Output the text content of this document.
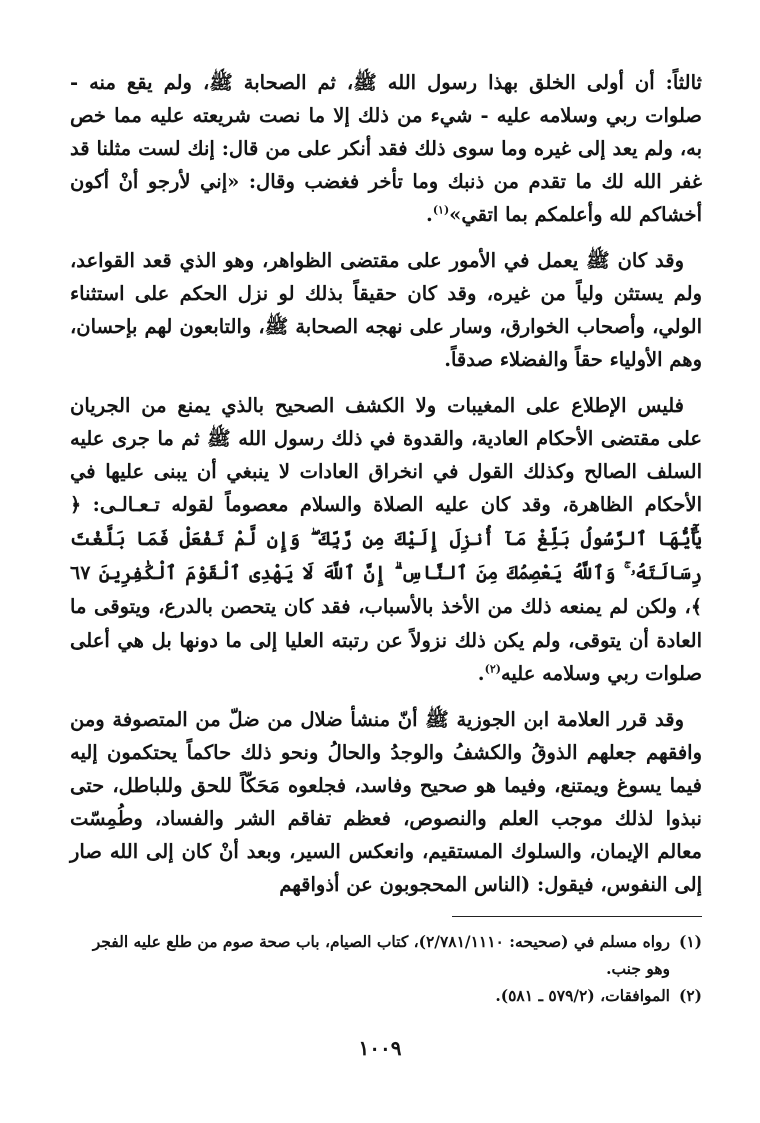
ثالثاً: أن أولى الخلق بهذا رسول الله ﷺ، ثم الصحابة ﷺ، ولم يقع منه - صلوات ربي وسلامه عليه - شيء من ذلك إلا ما نصت شريعته عليه مما خص به، ولم يعد إلى غيره وما سوى ذلك فقد أنكر على من قال: إنك لست مثلنا قد غفر الله لك ما تقدم من ذنبك وما تأخر فغضب وقال: «إني لأرجو أنْ أكون أخشاكم لله وأعلمكم بما اتقي»$^{(١)}$.

وقد كان ﷺ يعمل في الأمور على مقتضى الظواهر، وهو الذي قعد القواعد، ولم يستثن ولياً من غيره، وقد كان حقيقاً بذلك لو نزل الحكم على استثناء الولي، وأصحاب الخوارق، وسار على نهجه الصحابة ﷺ، والتابعون لهم بإحسان، وهم الأولياء حقاً والفضلاء صدقاً.

فليس الإطلاع على المغيبات ولا الكشف الصحيح بالذي يمنع من الجريان على مقتضى الأحكام العادية، والقدوة في ذلك رسول الله ﷺ ثم ما جرى عليه السلف الصالح وكذلك القول في انخراق العادات لا ينبغي أن يبنى عليها في الأحكام الظاهرة، وقد كان عليه الصلاة والسلام معصوماً لقوله تـعـالـى: ﴿ يَٰٓأَيُّهَا ٱلرَّسُولُ بَلِّغْ مَآ أُنزِلَ إِلَيْكَ مِن رَّبِّكَ ۖ وَإِن لَّمْ تَفْعَلْ فَمَا بَلَّغْتَ رِسَالَتَهُۥ ۚ وَٱللَّهُ يَعْصِمُكَ مِنَ ٱلنَّاسِ ۗ إِنَّ ٱللَّهَ لَا يَهْدِى ٱلْقَوْمَ ٱلْكَٰفِرِينَ ٦٧ ﴾، ولكن لم يمنعه ذلك من الأخذ بالأسباب، فقد كان يتحصن بالدرع، ويتوقى ما العادة أن يتوقى، ولم يكن ذلك نزولاً عن رتبته العليا إلى ما دونها بل هي أعلى صلوات ربي وسلامه عليه$^{(٢)}$.

وقد قرر العلامة ابن الجوزية ﷺ أنّ منشأ ضلال من ضلّ من المتصوفة ومن وافقهم جعلهم الذوقُ والكشفُ والوجدُ والحالُ ونحو ذلك حاكماً يحتكمون إليه فيما يسوغ ويمتنع، وفيما هو صحيح وفاسد، فجلعوه مَحَكّاً للحق وللباطل، حتى نبذوا لذلك موجب العلم والنصوص، فعظم تفاقم الشر والفساد، وطُمِسّت معالم الإيمان، والسلوك المستقيم، وانعكس السير، وبعد أنْ كان إلى الله صار إلى النفوس، فيقول: (الناس المحجوبون عن أذواقهم

(١)
رواه مسلم في (صحيحه: ٢/٧٨١/١١١٠)، كتاب الصيام، باب صحة صوم من طلع عليه الفجر وهو جنب.

(٢)
الموافقات، (٥٧٩/٢ ـ ٥٨١).

١٠٠٩
